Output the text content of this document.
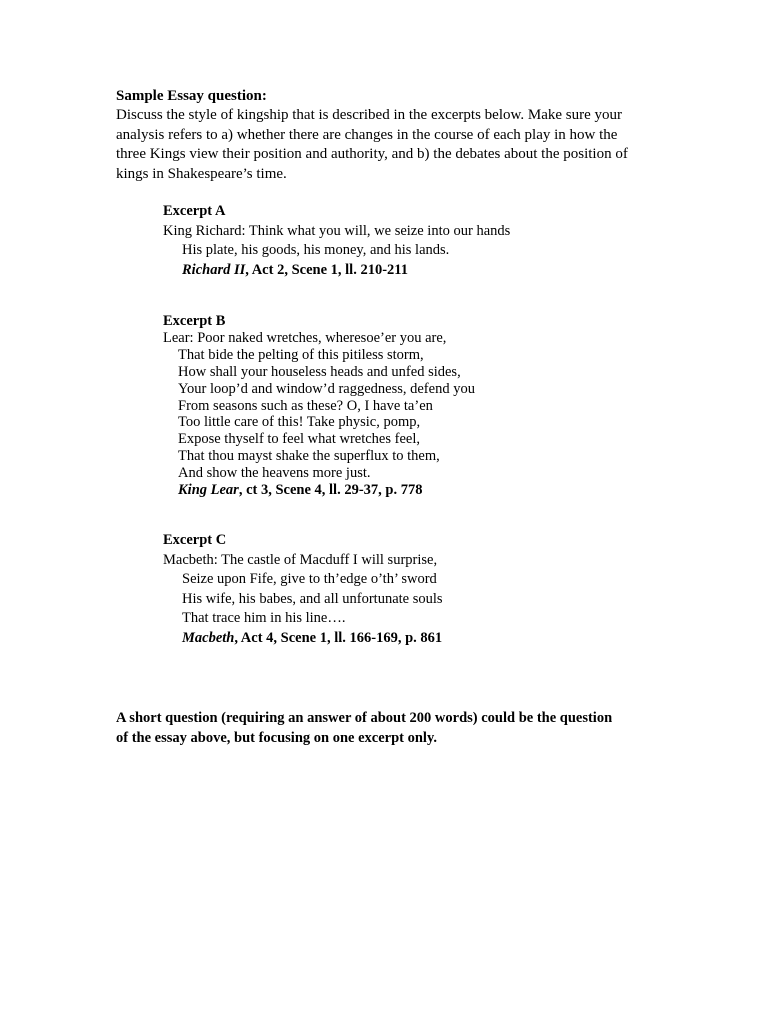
Sample Essay question:
Discuss the style of kingship that is described in the excerpts below. Make sure your
analysis refers to a) whether there are changes in the course of each play in how the
three Kings view their position and authority, and b) the debates about the position of
kings in Shakespeare’s time.
Excerpt A
King Richard: Think what you will, we seize into our hands
His plate, his goods, his money, and his lands.
Richard II, Act 2, Scene 1, ll. 210-211
Excerpt B
Lear: Poor naked wretches, wheresoe’er you are,
That bide the pelting of this pitiless storm,
How shall your houseless heads and unfed sides,
Your loop’d and window’d raggedness, defend you
From seasons such as these? O, I have ta’en
Too little care of this! Take physic, pomp,
Expose thyself to feel what wretches feel,
That thou mayst shake the superflux to them,
And show the heavens more just.
King Lear, ct 3, Scene 4, ll. 29-37, p. 778
Excerpt C
Macbeth: The castle of Macduff I will surprise,
Seize upon Fife, give to th’edge o’th’ sword
His wife, his babes, and all unfortunate souls
That trace him in his line….
Macbeth, Act 4, Scene 1, ll. 166-169, p. 861
A short question (requiring an answer of about 200 words) could be the question
of the essay above, but focusing on one excerpt only.
